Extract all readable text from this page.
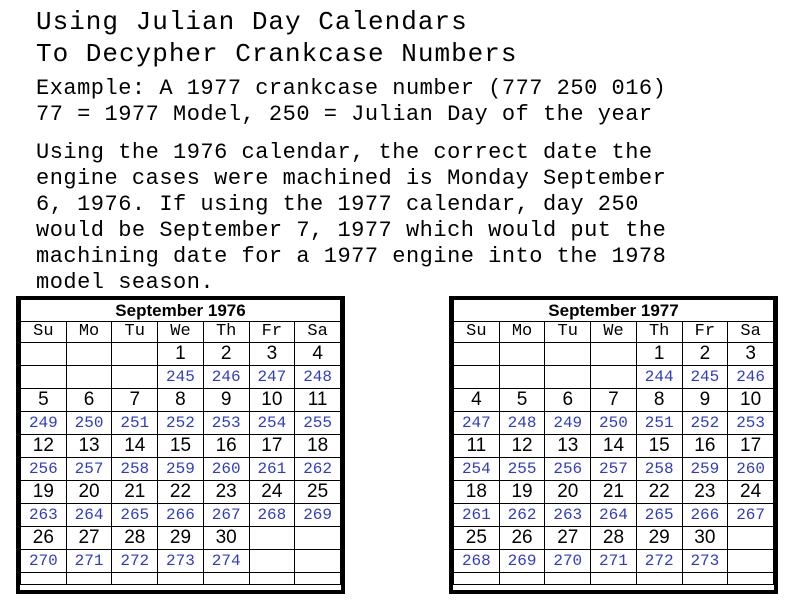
Using Julian Day Calendars
To Decypher Crankcase Numbers

Example: A 1977 crankcase number (777 250 016)
77 = 1977 Model, 250 = Julian Day of the year

Using the 1976 calendar, the correct date the
engine cases were machined is Monday September
6, 1976. If using the 1977 calendar, day 250
would be September 7, 1977 which would put the
machining date for a 1977 engine into the 1978
model season.

September 1976						
Su	Mo	Tu	We	Th	Fr	Sa
			1	2	3	4
			245	246	247	248
5	6	7	8	9	10	11
249	250	251	252	253	254	255
12	13	14	15	16	17	18
256	257	258	259	260	261	262
19	20	21	22	23	24	25
263	264	265	266	267	268	269
26	27	28	29	30		
270	271	272	273	274		

September 1977						
Su	Mo	Tu	We	Th	Fr	Sa
				1	2	3
				244	245	246
4	5	6	7	8	9	10
247	248	249	250	251	252	253
11	12	13	14	15	16	17
254	255	256	257	258	259	260
18	19	20	21	22	23	24
261	262	263	264	265	266	267
25	26	27	28	29	30	
268	269	270	271	272	273	
